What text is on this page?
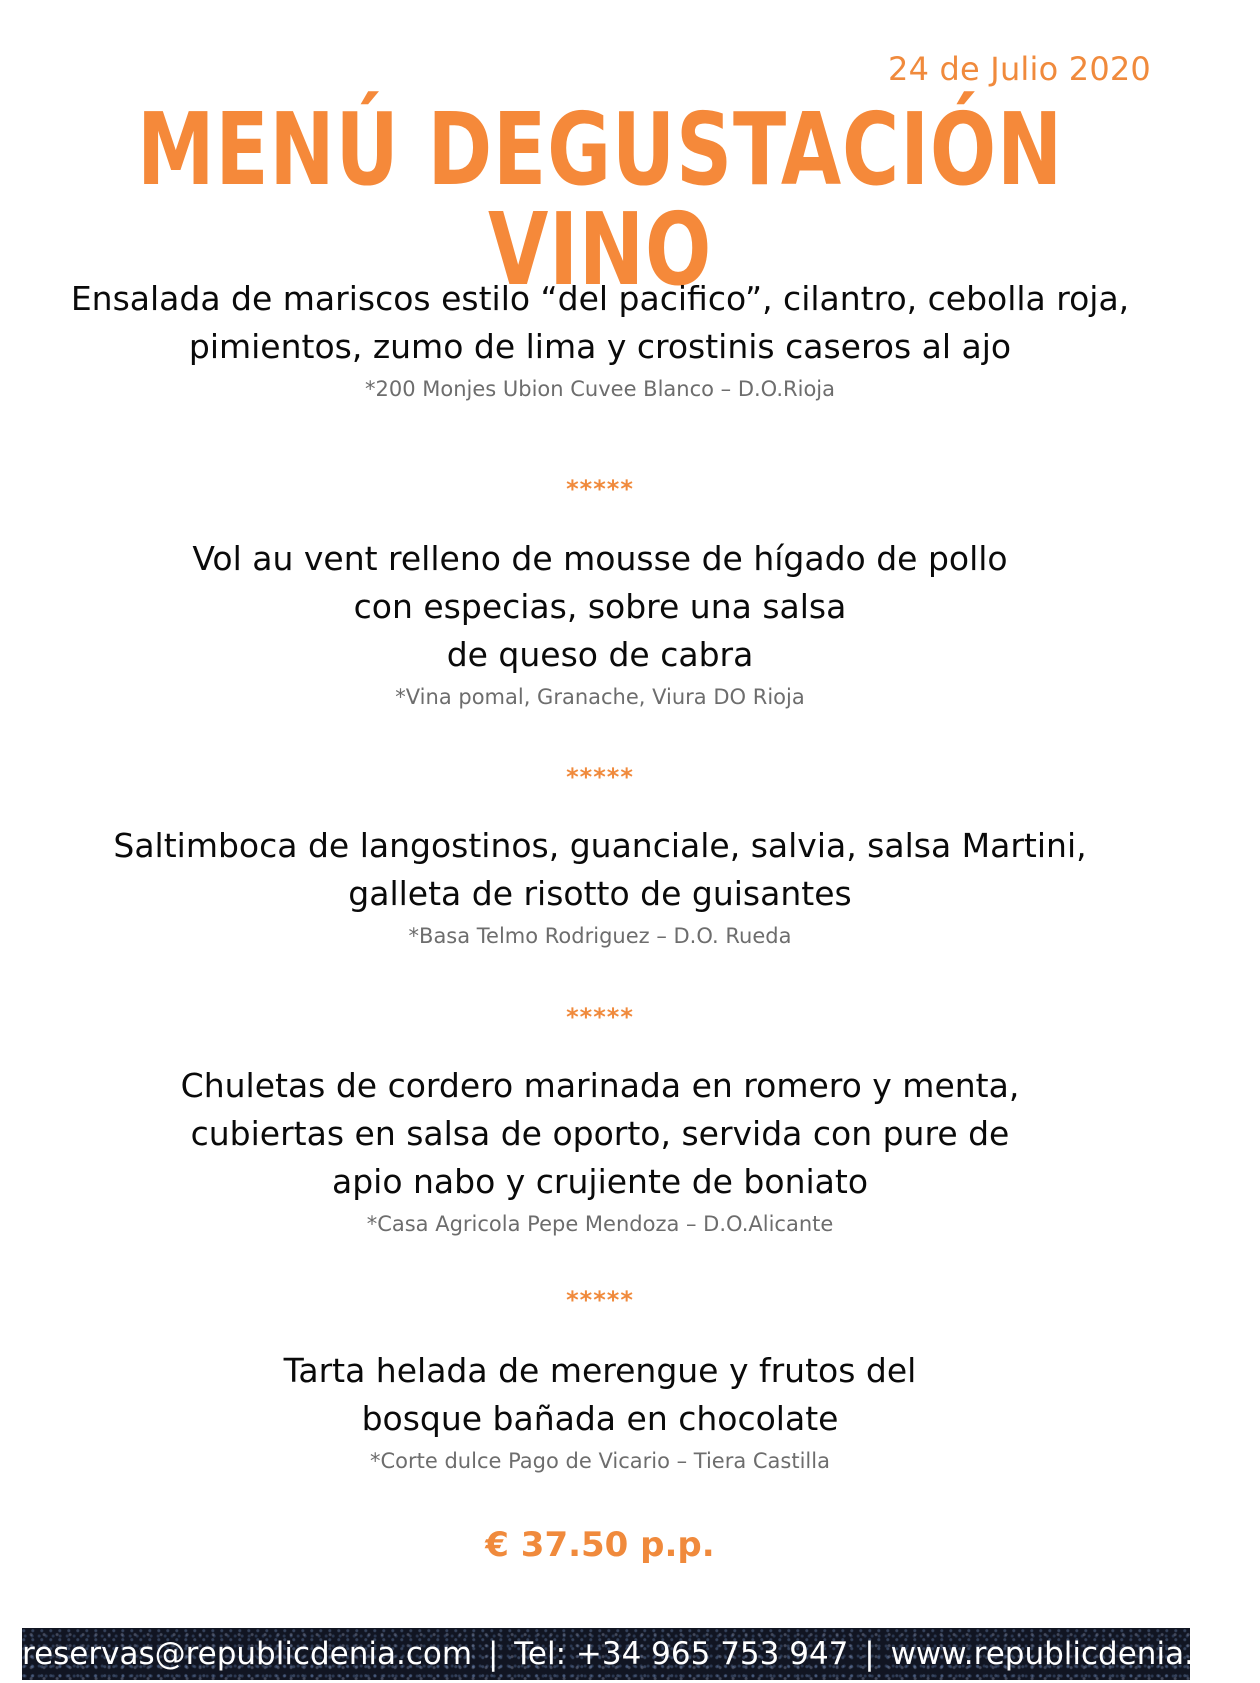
24 de Julio 2020
MENÚ DEGUSTACIÓN VINO
Ensalada de mariscos estilo “del pacifico”, cilantro, cebolla roja,
pimientos, zumo de lima y crostinis caseros al ajo
*200 Monjes Ubion Cuvee Blanco – D.O.Rioja
*****
Vol au vent relleno de mousse de hígado de pollo
con especias, sobre una salsa
de queso de cabra
*Vina pomal, Granache, Viura DO Rioja
*****
Saltimboca de langostinos, guanciale, salvia, salsa Martini,
galleta de risotto de guisantes
*Basa Telmo Rodriguez – D.O. Rueda
*****
Chuletas de cordero marinada en romero y menta,
cubiertas en salsa de oporto, servida con pure de
apio nabo y crujiente de boniato
*Casa Agricola Pepe Mendoza – D.O.Alicante
*****
Tarta helada de merengue y frutos del
bosque bañada en chocolate
*Corte dulce Pago de Vicario – Tiera Castilla
€ 37.50 p.p.
reservas@republicdenia.com | Tel: +34 965 753 947 | www.republicdenia.com
